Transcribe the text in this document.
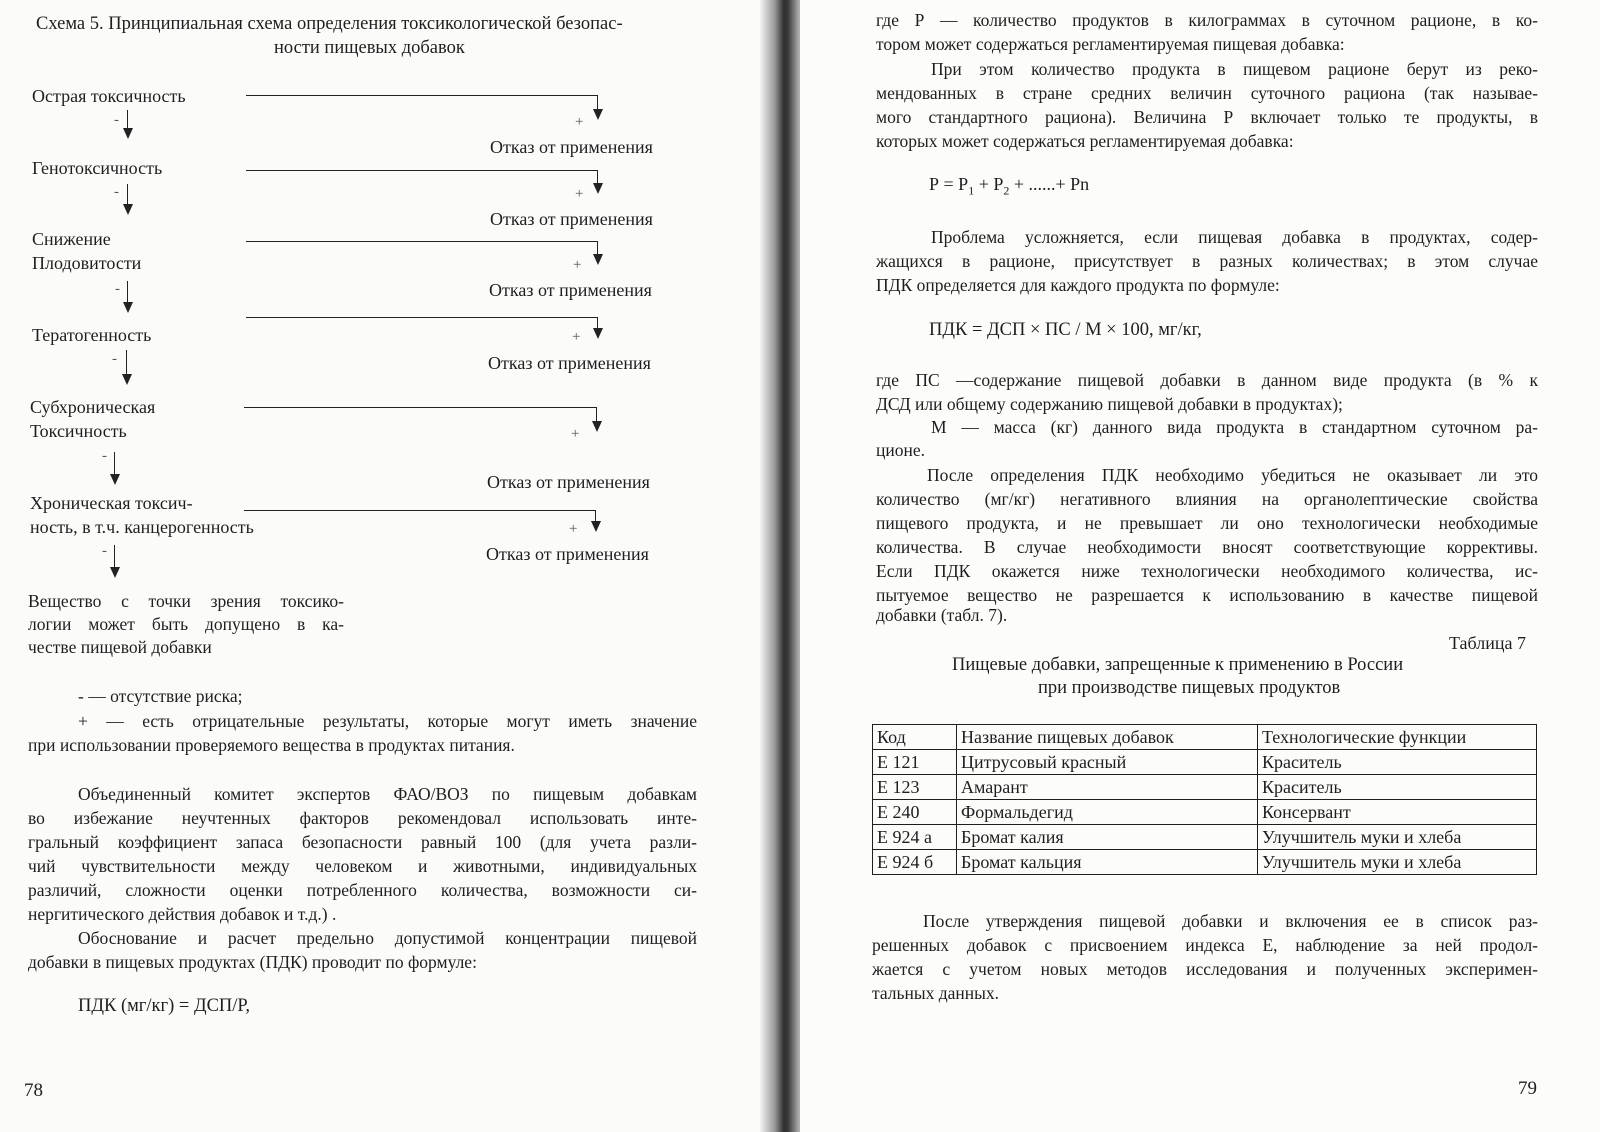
Схема 5. Принципиальная схема определения токсикологической безопас-
ности пищевых добавок
Острая токсичность
+
Отказ от применения
-
Генотоксичность
+
Отказ от применения
-
Снижение
Плодовитости	+
Отказ от применения
-
Тератогенность	+
Отказ от применения
-
Субхроническая
Токсичность	+
Отказ от применения
-
Хроническая токсич-
ность, в т.ч. канцерогенность	+
Отказ от применения
-
Вещество с точки зрения токсико-
логии может быть допущено в ка-
честве пищевой добавки
- — отсутствие риска;
+ — есть отрицательные результаты, которые могут иметь значение
при использовании проверяемого вещества в продуктах питания.
Объединенный комитет экспертов ФАО/ВОЗ по пищевым добавкам
во избежание неучтенных факторов рекомендовал использовать инте-
гральный коэффициент запаса безопасности равный 100 (для учета разли-
чий чувствительности между человеком и животными, индивидуальных
различий, сложности оценки потребленного количества, возможности си-
нергитического действия добавок и т.д.) .
Обоснование и расчет предельно допустимой концентрации пищевой
добавки в пищевых продуктах (ПДК) проводит по формуле:
ПДК (мг/кг) = ДСП/Р,
78
где Р — количество продуктов в килограммах в суточном рационе, в ко-
тором может содержаться регламентируемая пищевая добавка:
При этом количество продукта в пищевом рационе берут из реко-
мендованных в стране средних величин суточного рациона (так называе-
мого стандартного рациона). Величина Р включает только те продукты, в
которых может содержаться регламентируемая добавка:
$Р = Р_1 + Р_2$ + ......+ Рn
Проблема усложняется, если пищевая добавка в продуктах, содер-
жащихся в рационе, присутствует в разных количествах; в этом случае
ПДК определяется для каждого продукта по формуле:
ПДК = ДСП × ПС / М × 100, мг/кг,
где ПС —содержание пищевой добавки в данном виде продукта (в % к
ДСД или общему содержанию пищевой добавки в продуктах);
М — масса (кг) данного вида продукта в стандартном суточном ра-
ционе.
После определения ПДК необходимо убедиться не оказывает ли это
количество (мг/кг) негативного влияния на органолептические свойства
пищевого продукта, и не превышает ли оно технологически необходимые
количества. В случае необходимости вносят соответствующие коррективы.
Если ПДК окажется ниже технологически необходимого количества, ис-
пытуемое вещество не разрешается к использованию в качестве пищевой
добавки (табл. 7).
Таблица 7
Пищевые добавки, запрещенные к применению в России
при производстве пищевых продуктов
Код	Название пищевых добавок	Технологические функции
Е 121	Цитрусовый красный	Краситель
Е 123	Амарант	Краситель
Е 240	Формальдегид	Консервант
Е 924 а	Бромат калия	Улучшитель муки и хлеба
Е 924 б	Бромат кальция	Улучшитель муки и хлеба
После утверждения пищевой добавки и включения ее в список раз-
решенных добавок с присвоением индекса Е, наблюдение за ней продол-
жается с учетом новых методов исследования и полученных эксперимен-
тальных данных.
79
